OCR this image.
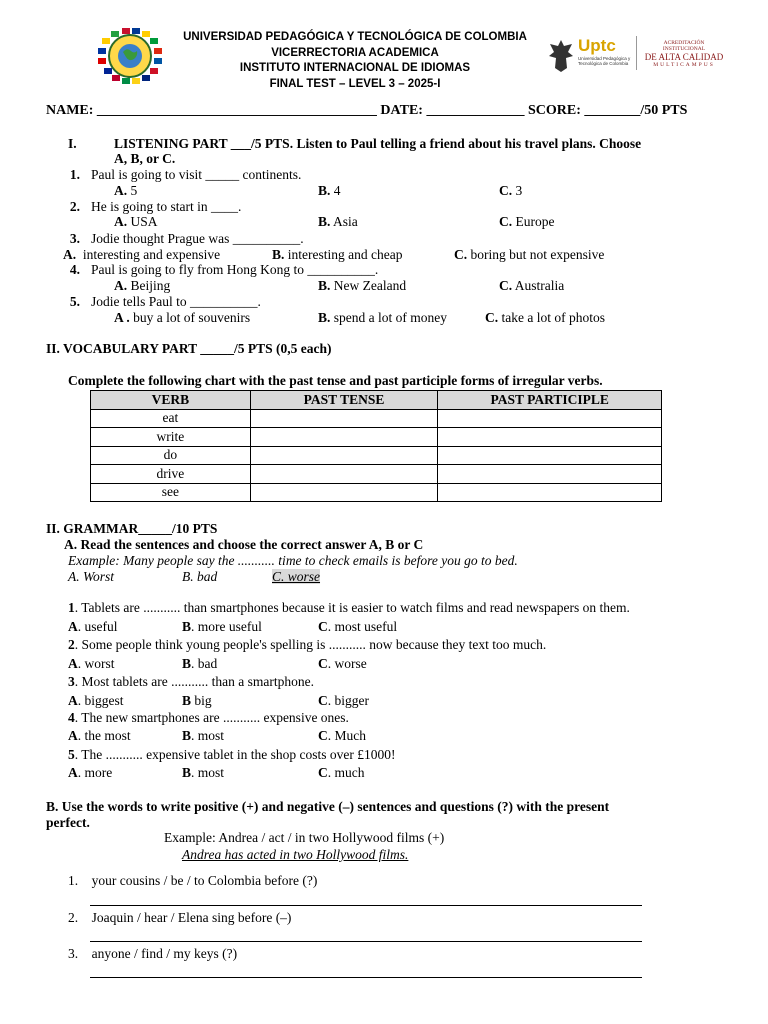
UNIVERSIDAD PEDAGÓGICA Y TECNOLÓGICA DE COLOMBIA
VICERRECTORIA ACADEMICA
INSTITUTO INTERNACIONAL DE IDIOMAS
FINAL TEST – LEVEL 3 – 2025-I
Uptc
Universidad Pedagógica y
Tecnológica de Colombia
ACREDITACIÓN INSTITUCIONAL
DE ALTA CALIDAD
MULTICAMPUS
NAME: ________________________________________ DATE: ______________ SCORE: ________/50 PTS
I.	LISTENING PART ___/5 PTS. Listen to Paul telling a friend about his travel plans. Choose
A, B, or C.
1. Paul is going to visit _____ continents.
A. 5	B. 4	C. 3
2. He is going to start in ____.
A. USA	B. Asia	C. Europe
3. Jodie thought Prague was __________.
A. interesting and expensive	B. interesting and cheap	C. boring but not expensive
4. Paul is going to fly from Hong Kong to __________.
A. Beijing	B. New Zealand	C. Australia
5. Jodie tells Paul to __________.
A . buy a lot of souvenirs	B. spend a lot of money	C. take a lot of photos
II. VOCABULARY PART _____/5 PTS (0,5 each)
Complete the following chart with the past tense and past participle forms of irregular verbs.
VERB	PAST TENSE	PAST PARTICIPLE
eat		
write		
do		
drive		
see		
II. GRAMMAR_____/10 PTS
A. Read the sentences and choose the correct answer A, B or C
Example: Many people say the ........... time to check emails is before you go to bed.
A. Worst	B. bad	C. worse
1. Tablets are ........... than smartphones because it is easier to watch films and read newspapers on them.
A. useful	B. more useful	C. most useful
2. Some people think young people's spelling is ........... now because they text too much.
A. worst	B. bad	C. worse
3. Most tablets are ........... than a smartphone.
A. biggest	B big	C. bigger
4. The new smartphones are ........... expensive ones.
A. the most	B. most	C. Much
5. The ........... expensive tablet in the shop costs over £1000!
A. more	B. most	C. much
B. Use the words to write positive (+) and negative (–) sentences and questions (?) with the present
perfect.
Example: Andrea / act / in two Hollywood films (+)
Andrea has acted in two Hollywood films.
1. your cousins / be / to Colombia before (?)
2. Joaquin / hear / Elena sing before (–)
3. anyone / find / my keys (?)
